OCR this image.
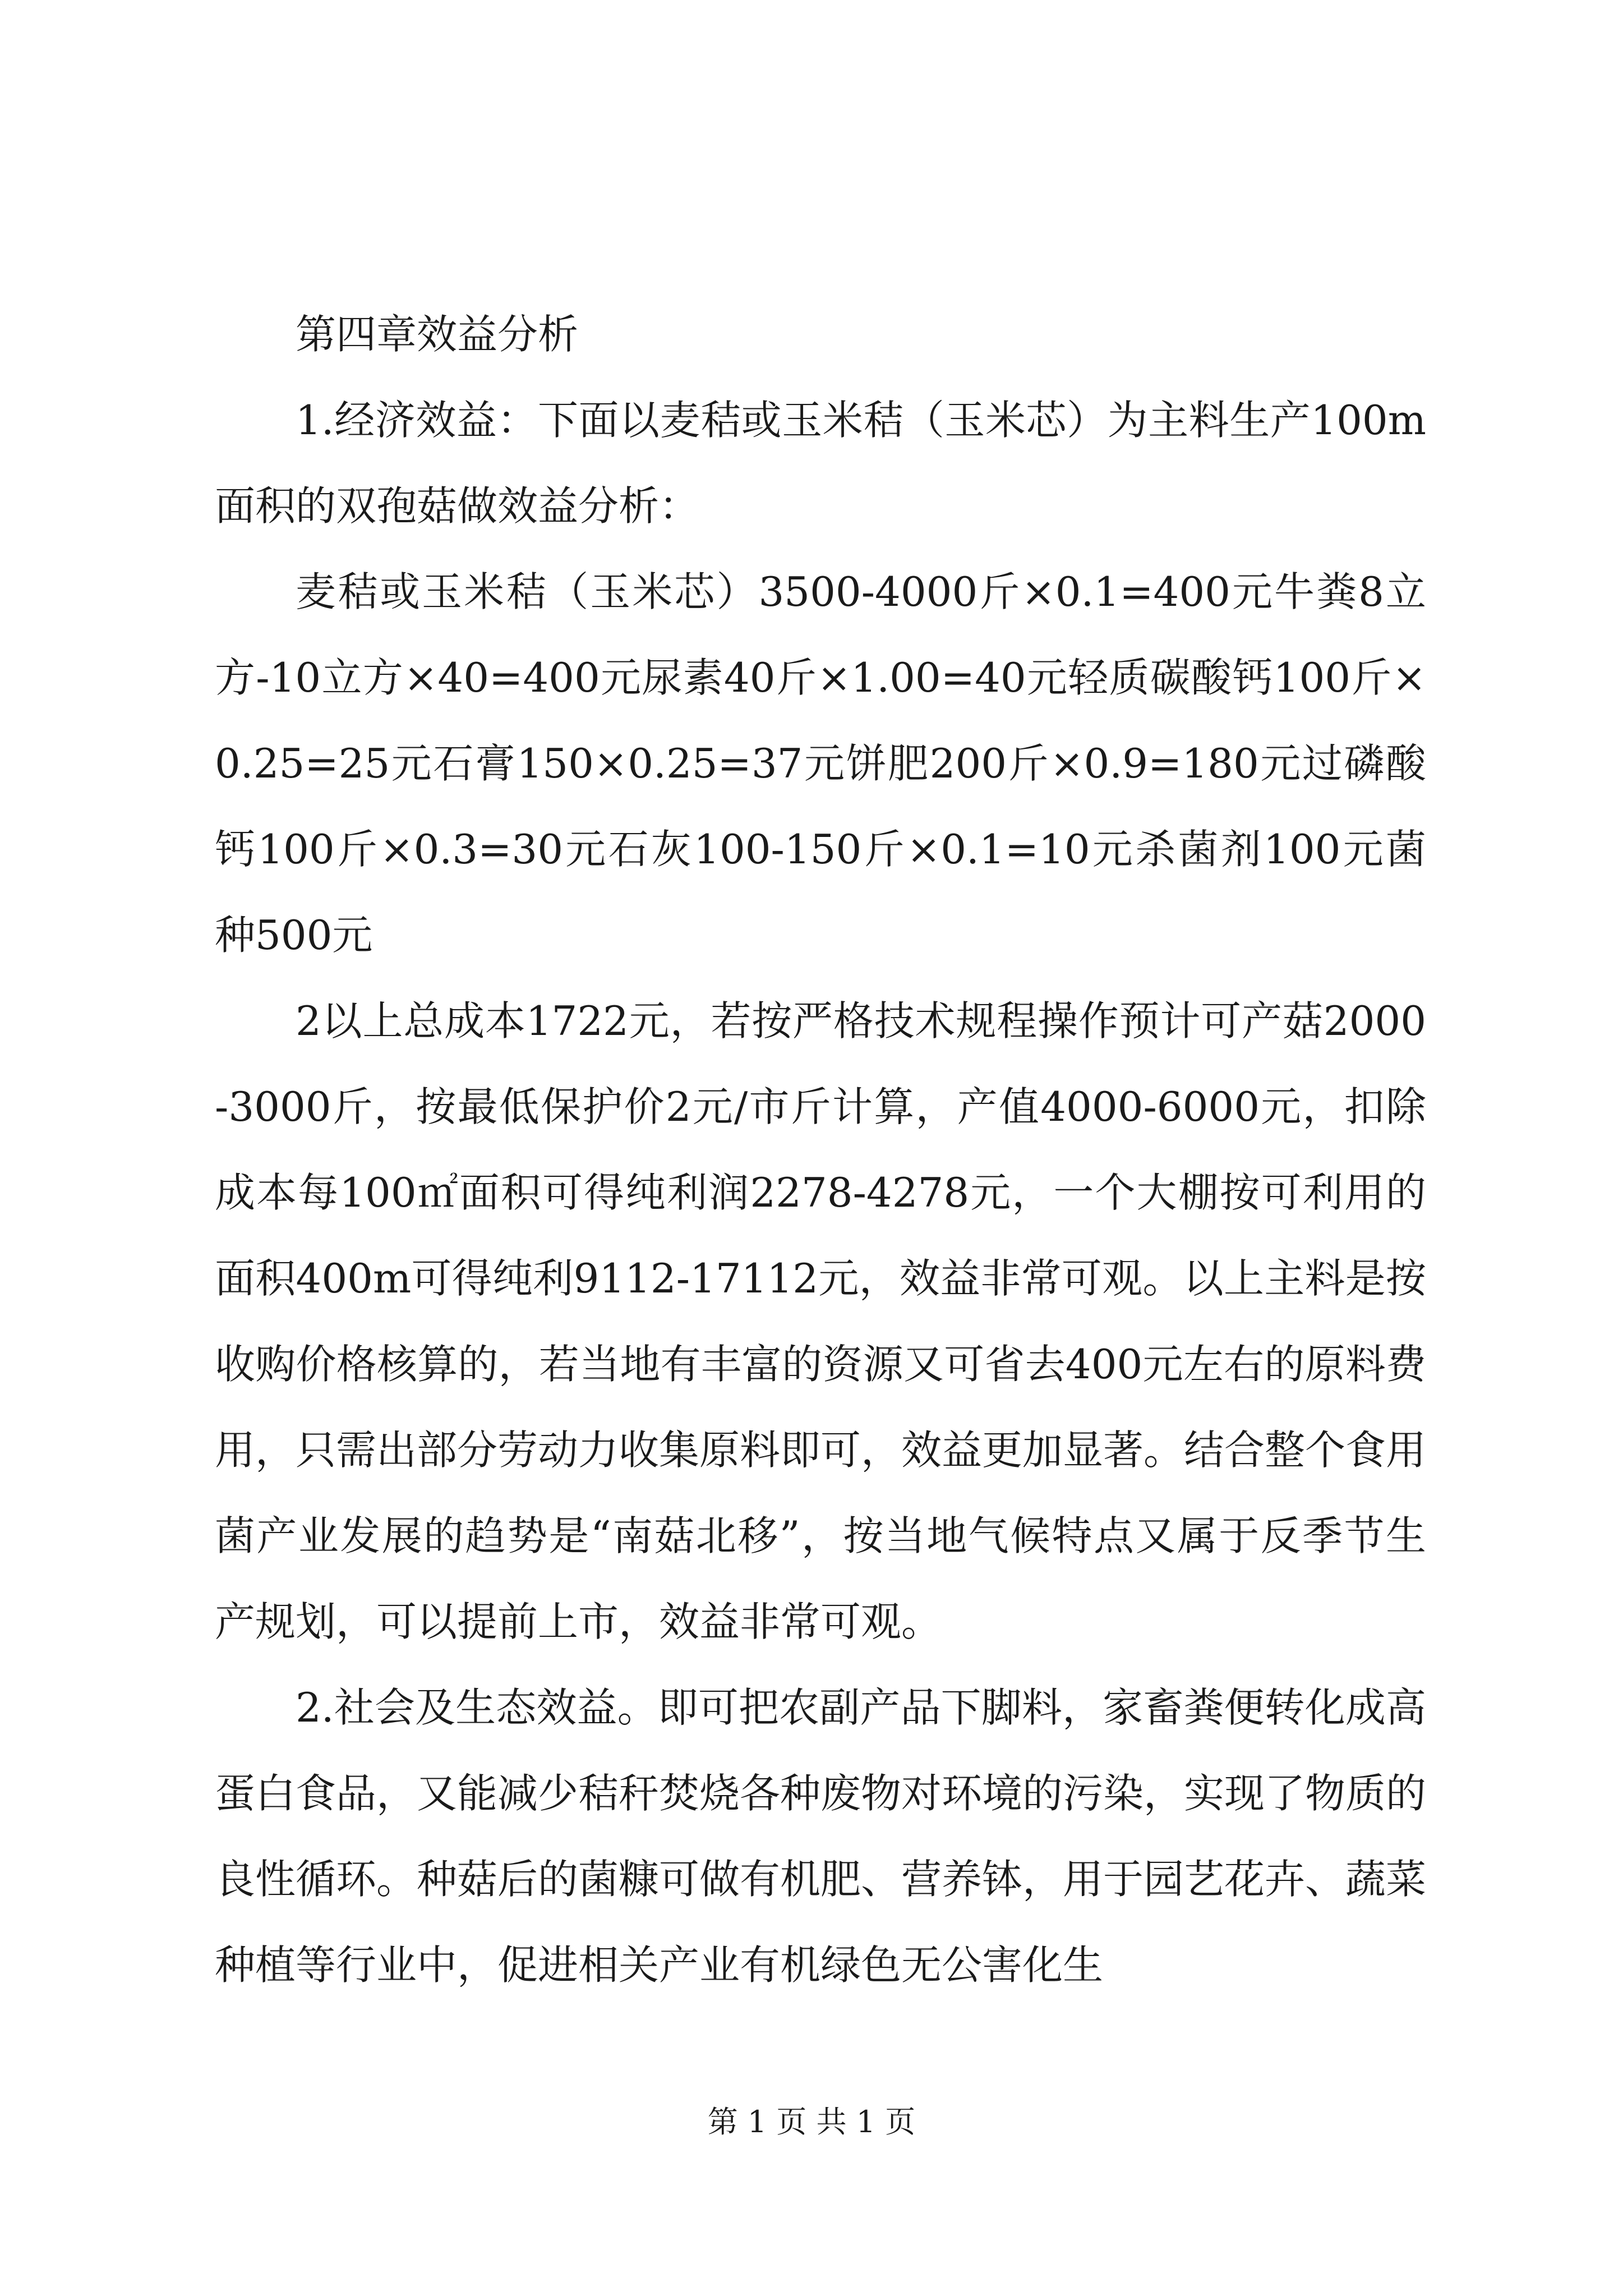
第四章效益分析

1.经济效益：下面以麦秸或玉米秸（玉米芯）为主料生产100m面积的双孢菇做效益分析：

麦秸或玉米秸（玉米芯）3500-4000斤×0.1=400元牛粪8立方-10立方×40=400元尿素40斤×1.00=40元轻质碳酸钙100斤×0.25=25元石膏150×0.25=37元饼肥200斤×0.9=180元过磷酸钙100斤×0.3=30元石灰100-150斤×0.1=10元杀菌剂100元菌种500元

2以上总成本1722元，若按严格技术规程操作预计可产菇2000-3000斤，按最低保护价2元/市斤计算，产值4000-6000元，扣除成本每100㎡面积可得纯利润2278-4278元，一个大棚按可利用的面积400m可得纯利9112-17112元，效益非常可观。以上主料是按收购价格核算的，若当地有丰富的资源又可省去400元左右的原料费用，只需出部分劳动力收集原料即可，效益更加显著。结合整个食用菌产业发展的趋势是“南菇北移”，按当地气候特点又属于反季节生产规划，可以提前上市，效益非常可观。

2.社会及生态效益。即可把农副产品下脚料，家畜粪便转化成高蛋白食品，又能减少秸秆焚烧各种废物对环境的污染，实现了物质的良性循环。种菇后的菌糠可做有机肥、营养钵，用于园艺花卉、蔬菜种植等行业中，促进相关产业有机绿色无公害化生

第 1 页 共 1 页
